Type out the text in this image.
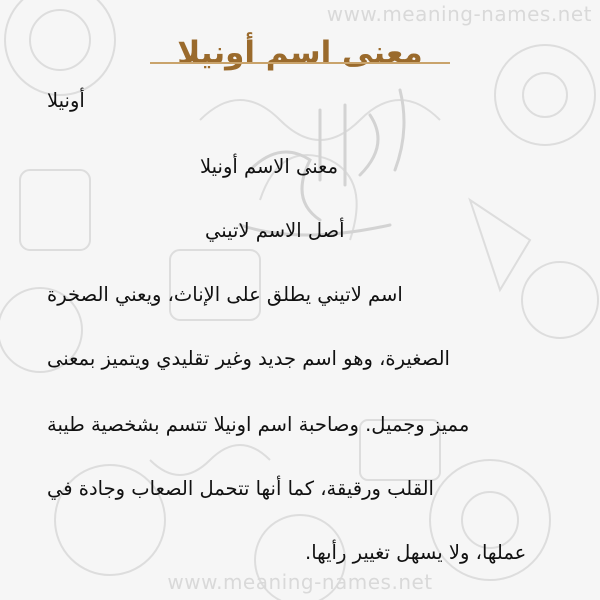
www.meaning-names.net
معنى اسم أونيلا
أونيلا
معنى الاسم أونيلا
أصل الاسم لاتيني
اسم لاتيني يطلق على الإناث، ويعني الصخرة
الصغيرة، وهو اسم جديد وغير تقليدي ويتميز بمعنى
مميز وجميل. وصاحبة اسم اونيلا تتسم بشخصية طيبة
القلب ورقيقة، كما أنها تتحمل الصعاب وجادة في
عملها، ولا يسهل تغيير رأيها.
www.meaning-names.net
